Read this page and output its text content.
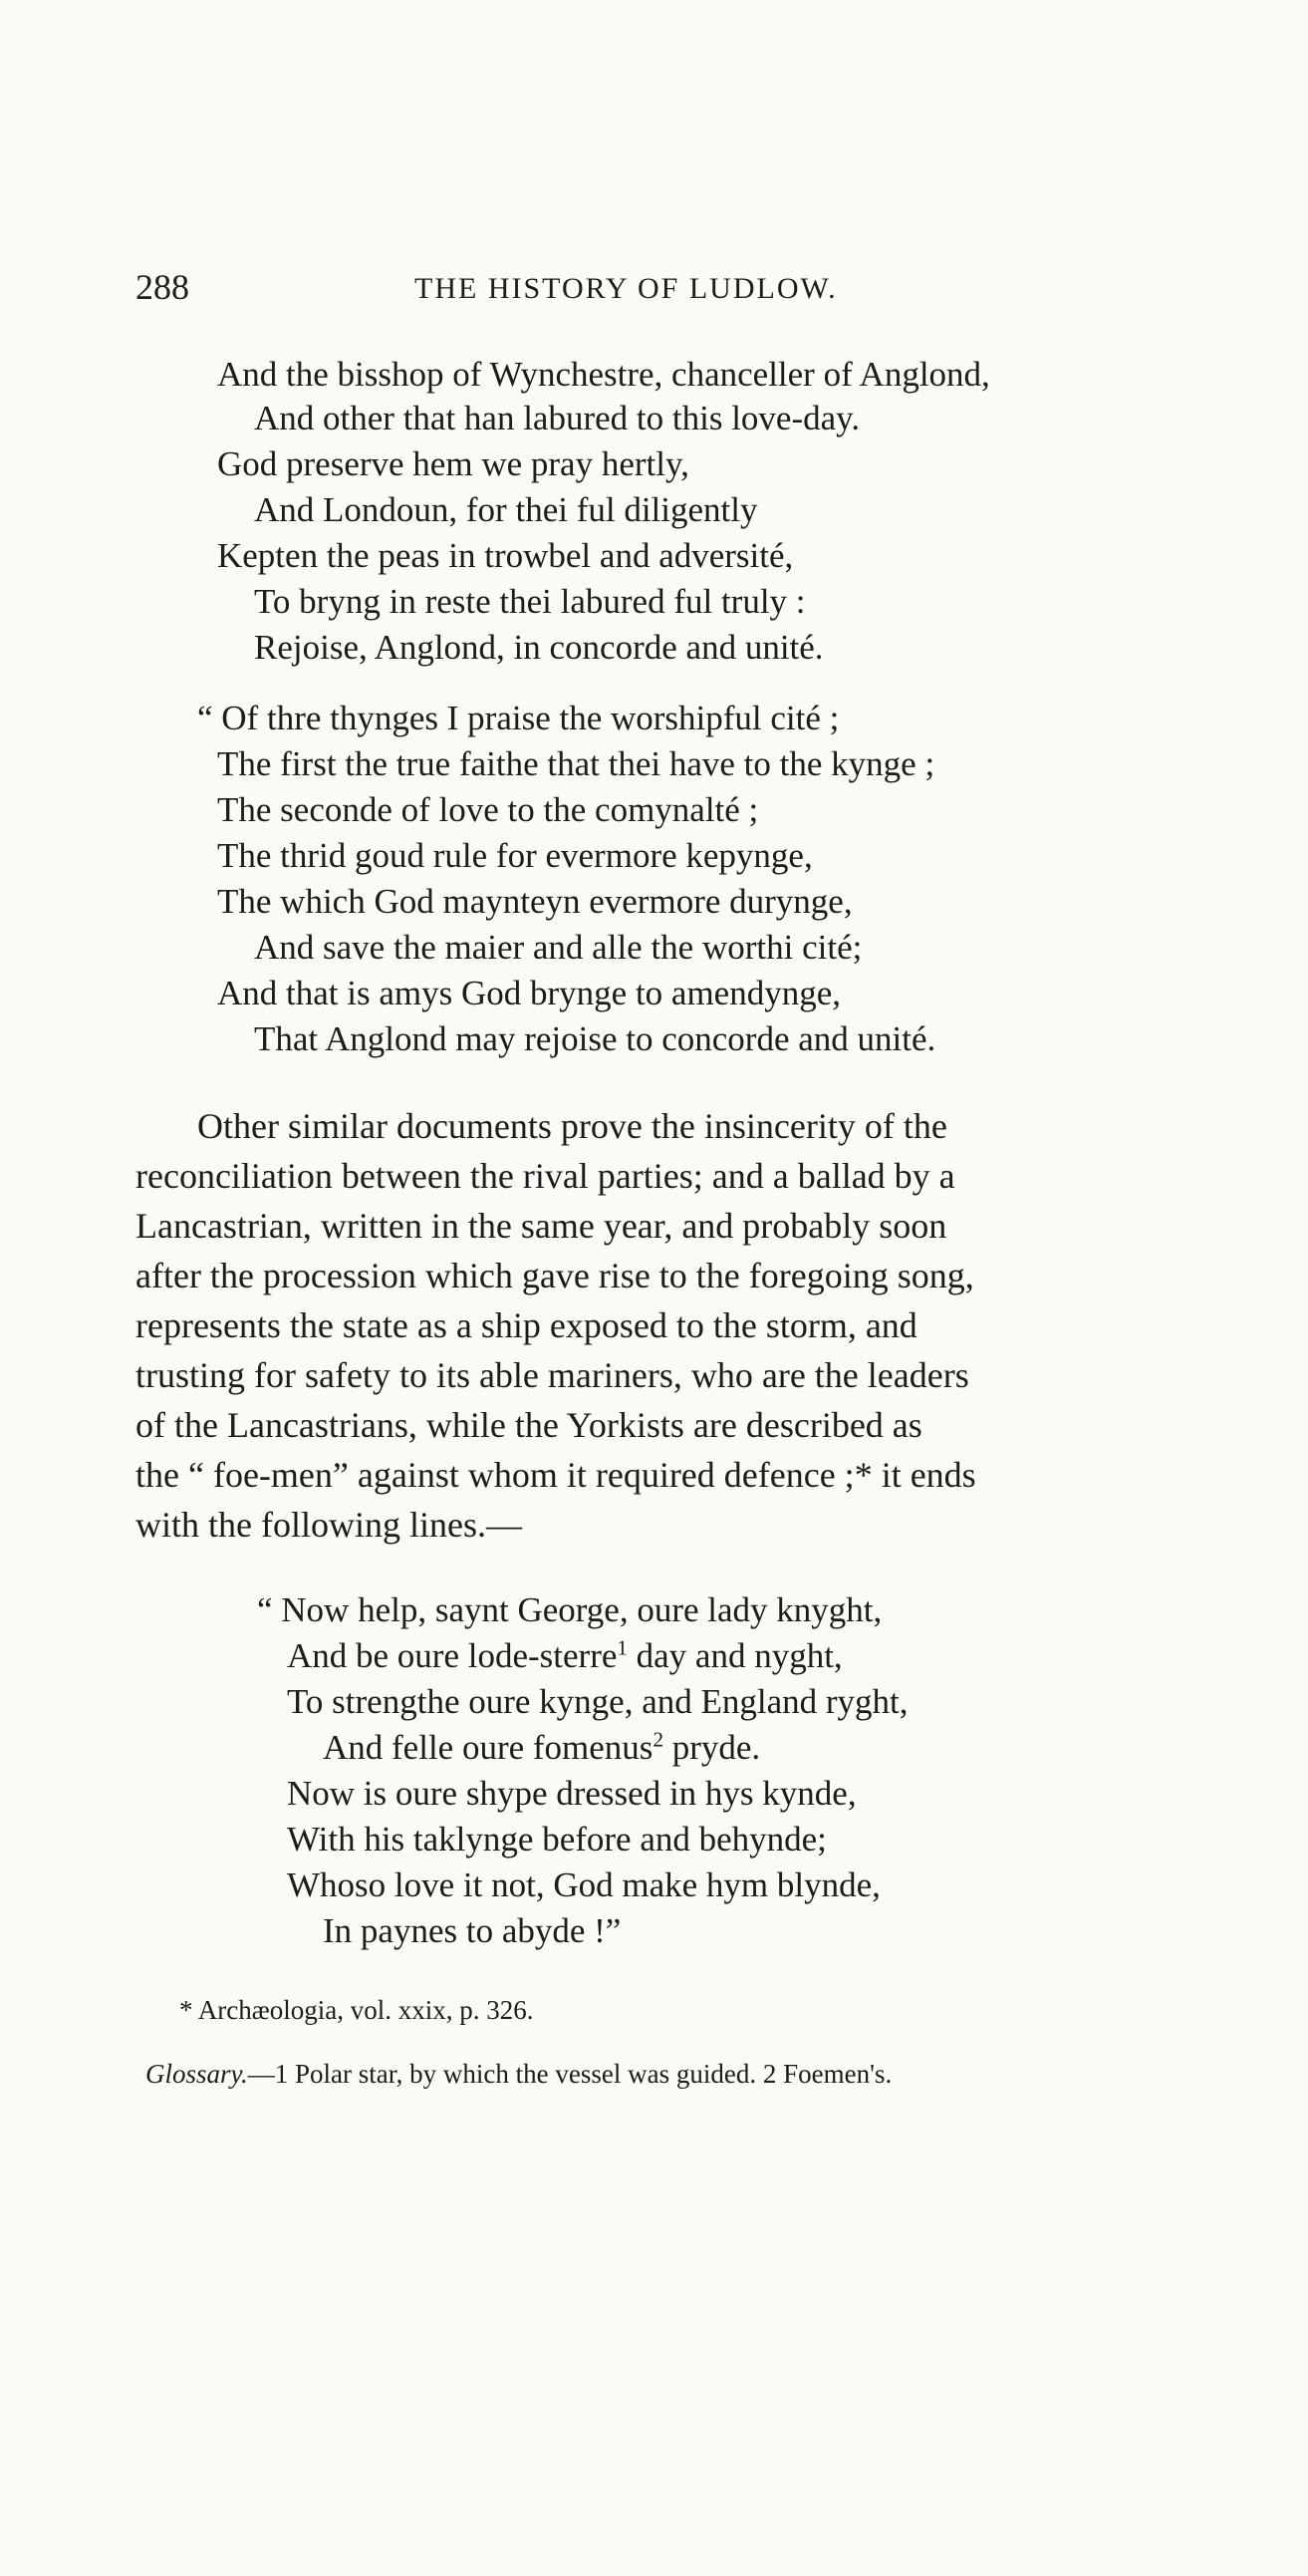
288	THE HISTORY OF LUDLOW.
And the bisshop of Wynchestre, chanceller of Anglond,
And other that han labured to this love-day.
God preserve hem we pray hertly,
And Londoun, for thei ful diligently
Kepten the peas in trowbel and adversité,
To bryng in reste thei labured ful truly :
Rejoise, Anglond, in concorde and unité.
“ Of thre thynges I praise the worshipful cité ;
The first the true faithe that thei have to the kynge ;
The seconde of love to the comynalté ;
The thrid goud rule for evermore kepynge,
The which God maynteyn evermore durynge,
And save the maier and alle the worthi cité;
And that is amys God brynge to amendynge,
That Anglond may rejoise to concorde and unité.
Other similar documents prove the insincerity of the
reconciliation between the rival parties; and a ballad by a
Lancastrian, written in the same year, and probably soon
after the procession which gave rise to the foregoing song,
represents the state as a ship exposed to the storm, and
trusting for safety to its able mariners, who are the leaders
of the Lancastrians, while the Yorkists are described as
the “ foe-men” against whom it required defence ;* it ends
with the following lines.—
“ Now help, saynt George, oure lady knyght,
And be oure lode-sterre$^1$ day and nyght,
To strengthe oure kynge, and England ryght,
And felle oure fomenus$^2$ pryde.
Now is oure shype dressed in hys kynde,
With his taklynge before and behynde;
Whoso love it not, God make hym blynde,
In paynes to abyde !”
* Archæologia, vol. xxix, p. 326.
Glossary.—1 Polar star, by which the vessel was guided. 2 Foemen's.
